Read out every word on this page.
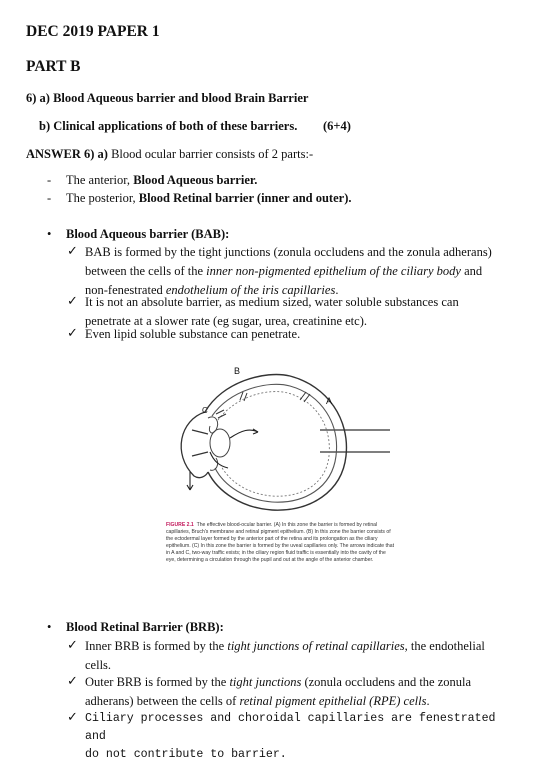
DEC 2019 PAPER 1
PART B
6) a) Blood Aqueous barrier and blood Brain Barrier
b) Clinical applications of both of these barriers. (6+4)
ANSWER 6) a) Blood ocular barrier consists of 2 parts:-
- The anterior, Blood Aqueous barrier.
- The posterior, Blood Retinal barrier (inner and outer).
• Blood Aqueous barrier (BAB):
✓ BAB is formed by the tight junctions (zonula occludens and the zonula adherans)
between the cells of the inner non-pigmented epithelium of the ciliary body and
non-fenestrated endothelium of the iris capillaries.
✓ It is not an absolute barrier, as medium sized, water soluble substances can
penetrate at a slower rate (eg sugar, urea, creatinine etc).
✓ Even lipid soluble substance can penetrate.
B
A
C
FIGURE 2.1 The effective blood-ocular barrier. (A) In this zone the barrier is formed by retinal capillaries, Bruch's membrane and retinal pigment epithelium. (B) In this zone the barrier consists of the ectodermal layer formed by the anterior part of the retina and its prolongation as the ciliary epithelium. (C) In this zone the barrier is formed by the uveal capillaries only. The arrows indicate that in A and C, two-way traffic exists; in the ciliary region fluid traffic is essentially into the cavity of the eye, determining a circulation through the pupil and out at the angle of the anterior chamber.
• Blood Retinal Barrier (BRB):
✓ Inner BRB is formed by the tight junctions of retinal capillaries, the endothelial
cells.
✓ Outer BRB is formed by the tight junctions (zonula occludens and the zonula
adherans) between the cells of retinal pigment epithelial (RPE) cells.
✓ Ciliary processes and choroidal capillaries are fenestrated and
do not contribute to barrier.
